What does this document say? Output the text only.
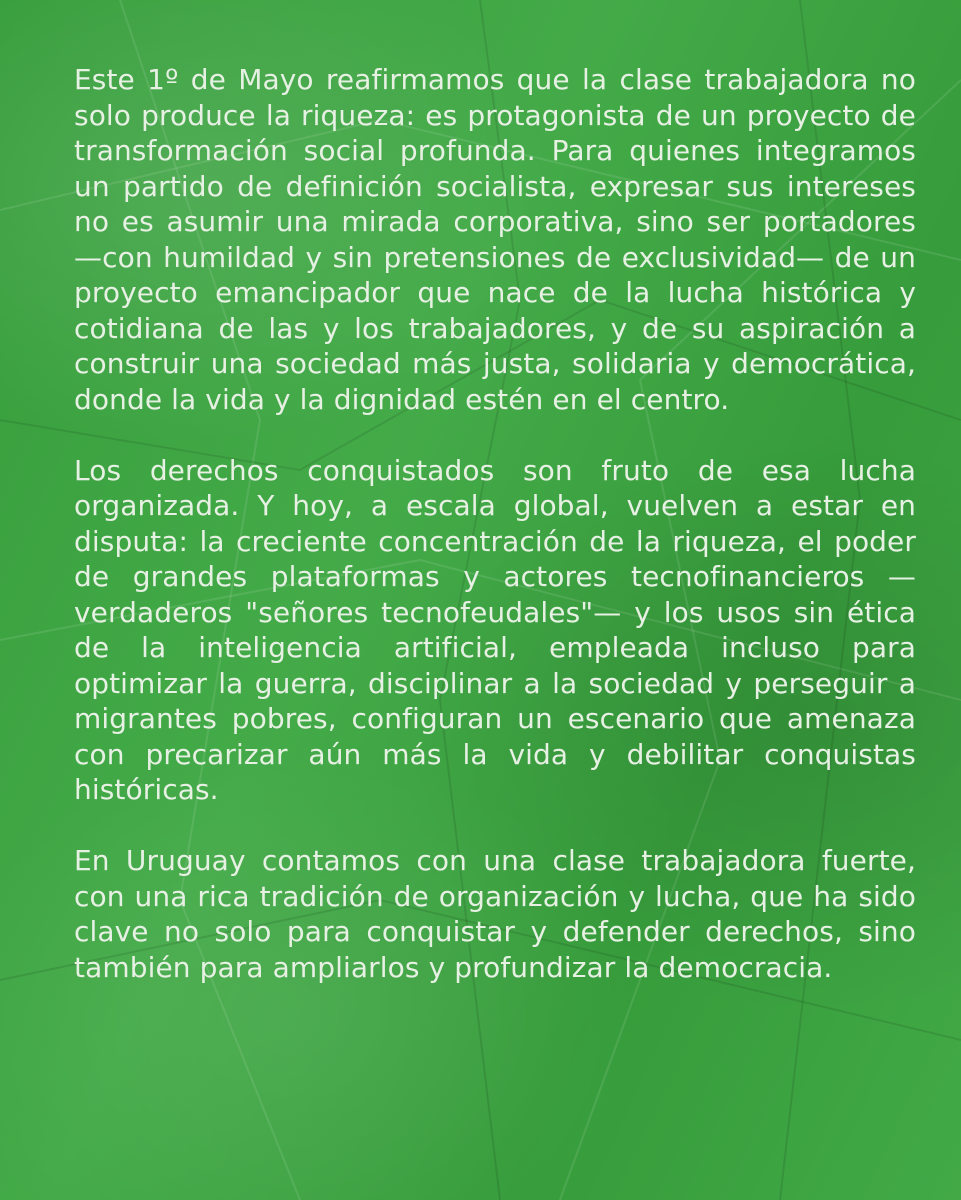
Este 1º de Mayo reafirmamos que la clase trabajadora no solo produce la riqueza: es protagonista de un proyecto de transformación social profunda. Para quienes integramos un partido de definición socialista, expresar sus intereses no es asumir una mirada corporativa, sino ser portadores —con humildad y sin pretensiones de exclusividad— de un proyecto emancipador que nace de la lucha histórica y cotidiana de las y los trabajadores, y de su aspiración a construir una sociedad más justa, solidaria y democrática, donde la vida y la dignidad estén en el centro.

Los derechos conquistados son fruto de esa lucha organizada. Y hoy, a escala global, vuelven a estar en disputa: la creciente concentración de la riqueza, el poder de grandes plataformas y actores tecnofinancieros —verdaderos "señores tecnofeudales"— y los usos sin ética de la inteligencia artificial, empleada incluso para optimizar la guerra, disciplinar a la sociedad y perseguir a migrantes pobres, configuran un escenario que amenaza con precarizar aún más la vida y debilitar conquistas históricas.

En Uruguay contamos con una clase trabajadora fuerte, con una rica tradición de organización y lucha, que ha sido clave no solo para conquistar y defender derechos, sino también para ampliarlos y profundizar la democracia.
